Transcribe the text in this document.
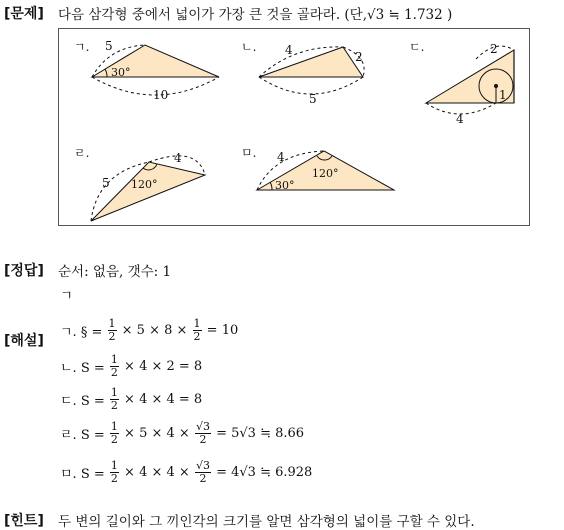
[문제] 다음 삼각형 중에서 넓이가 가장 큰 것을 골라라. (단,√3 ≒ 1.732 )
ㄱ. 5
30°
10
ㄴ. 4	2
5
ㄷ.	2
1
4
ㄹ.
5
4
120°
ㅁ. 4
120°
30°
[정답] 순서: 없음, 갯수: 1
ㄱ
[해설]
ㄱ. § = $\frac{1}{2} \times 5 \times 8 \times \frac{1}{2} = 10$
ㄴ. $S = \frac{1}{2} \times 4 \times 2 = 8$
ㄷ. $S = \frac{1}{2} \times 4 \times 4 = 8$
ㄹ. $S = \frac{1}{2} \times 5 \times 4 \times \frac{√3}{2} = 5√3$ ≒ 8.66
ㅁ. $S = \frac{1}{2} \times 4 \times 4 \times \frac{√3}{2} = 4√3$ ≒ 6.928
[힌트] 두 변의 길이와 그 끼인각의 크기를 알면 삼각형의 넓이를 구할 수 있다.
